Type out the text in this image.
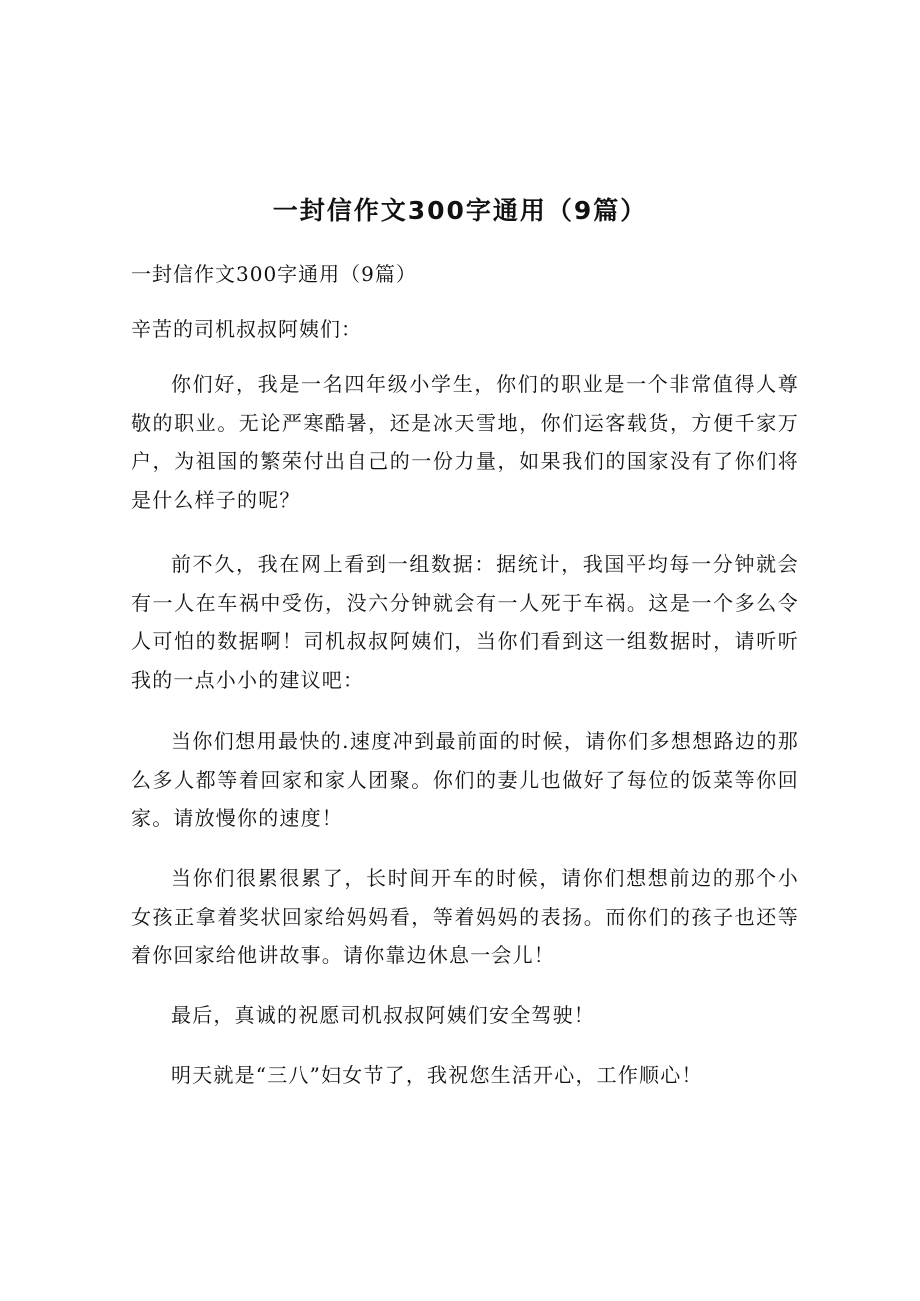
一封信作文300字通用（9篇）

一封信作文300字通用（9篇）

辛苦的司机叔叔阿姨们：

你们好，我是一名四年级小学生，你们的职业是一个非常值得人尊敬的职业。无论严寒酷暑，还是冰天雪地，你们运客载货，方便千家万户，为祖国的繁荣付出自己的一份力量，如果我们的国家没有了你们将是什么样子的呢？

前不久，我在网上看到一组数据：据统计，我国平均每一分钟就会有一人在车祸中受伤，没六分钟就会有一人死于车祸。这是一个多么令人可怕的数据啊！司机叔叔阿姨们，当你们看到这一组数据时，请听听我的一点小小的建议吧：

当你们想用最快的.速度冲到最前面的时候，请你们多想想路边的那么多人都等着回家和家人团聚。你们的妻儿也做好了每位的饭菜等你回家。请放慢你的速度！

当你们很累很累了，长时间开车的时候，请你们想想前边的那个小女孩正拿着奖状回家给妈妈看，等着妈妈的表扬。而你们的孩子也还等着你回家给他讲故事。请你靠边休息一会儿！

最后，真诚的祝愿司机叔叔阿姨们安全驾驶！

明天就是“三八”妇女节了，我祝您生活开心，工作顺心！
